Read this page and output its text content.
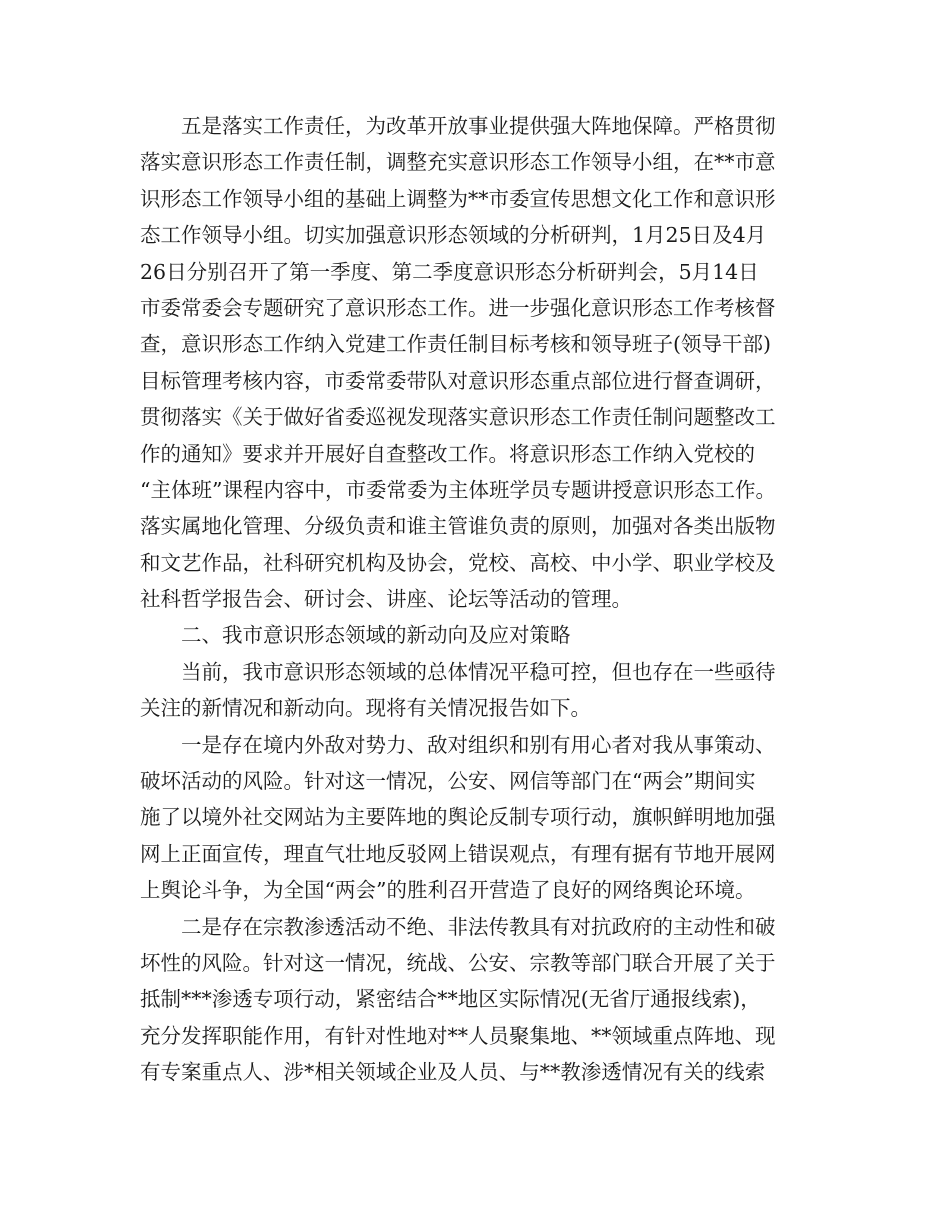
五是落实工作责任，为改革开放事业提供强大阵地保障。严格贯彻
落实意识形态工作责任制，调整充实意识形态工作领导小组，在**市意
识形态工作领导小组的基础上调整为**市委宣传思想文化工作和意识形
态工作领导小组。切实加强意识形态领域的分析研判，1月25日及4月
26日分别召开了第一季度、第二季度意识形态分析研判会，5月14日
市委常委会专题研究了意识形态工作。进一步强化意识形态工作考核督
查，意识形态工作纳入党建工作责任制目标考核和领导班子(领导干部)
目标管理考核内容，市委常委带队对意识形态重点部位进行督查调研，
贯彻落实《关于做好省委巡视发现落实意识形态工作责任制问题整改工
作的通知》要求并开展好自查整改工作。将意识形态工作纳入党校的
“主体班”课程内容中，市委常委为主体班学员专题讲授意识形态工作。
落实属地化管理、分级负责和谁主管谁负责的原则，加强对各类出版物
和文艺作品，社科研究机构及协会，党校、高校、中小学、职业学校及
社科哲学报告会、研讨会、讲座、论坛等活动的管理。
二、我市意识形态领域的新动向及应对策略
当前，我市意识形态领域的总体情况平稳可控，但也存在一些亟待
关注的新情况和新动向。现将有关情况报告如下。
一是存在境内外敌对势力、敌对组织和别有用心者对我从事策动、
破坏活动的风险。针对这一情况，公安、网信等部门在“两会”期间实
施了以境外社交网站为主要阵地的舆论反制专项行动，旗帜鲜明地加强
网上正面宣传，理直气壮地反驳网上错误观点，有理有据有节地开展网
上舆论斗争，为全国“两会”的胜利召开营造了良好的网络舆论环境。
二是存在宗教渗透活动不绝、非法传教具有对抗政府的主动性和破
坏性的风险。针对这一情况，统战、公安、宗教等部门联合开展了关于
抵制***渗透专项行动，紧密结合**地区实际情况(无省厅通报线索)，
充分发挥职能作用，有针对性地对**人员聚集地、**领域重点阵地、现
有专案重点人、涉*相关领域企业及人员、与**教渗透情况有关的线索
